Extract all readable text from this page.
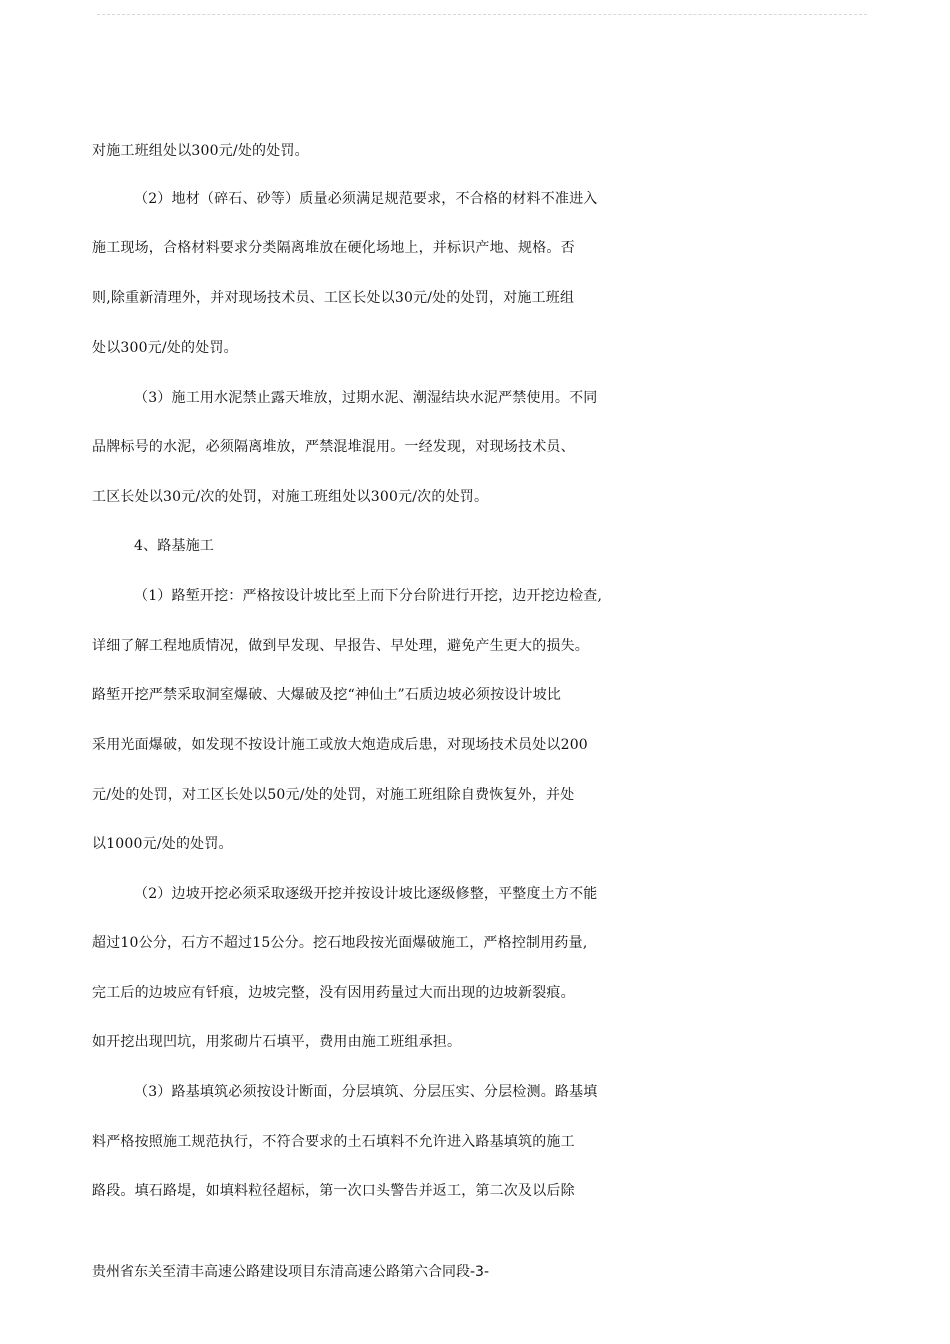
对施工班组处以300元/处的处罚。
（2）地材（碎石、砂等）质量必须满足规范要求，不合格的材料不准进入
施工现场，合格材料要求分类隔离堆放在硬化场地上，并标识产地、规格。否
则,除重新清理外，并对现场技术员、工区长处以30元/处的处罚，对施工班组
处以300元/处的处罚。
（3）施工用水泥禁止露天堆放，过期水泥、潮湿结块水泥严禁使用。不同
品牌标号的水泥，必须隔离堆放，严禁混堆混用。一经发现，对现场技术员、
工区长处以30元/次的处罚，对施工班组处以300元/次的处罚。
4、路基施工
（1）路堑开挖：严格按设计坡比至上而下分台阶进行开挖，边开挖边检查,
详细了解工程地质情况，做到早发现、早报告、早处理，避免产生更大的损失。
路堑开挖严禁采取洞室爆破、大爆破及挖“神仙土”石质边坡必须按设计坡比
采用光面爆破，如发现不按设计施工或放大炮造成后患，对现场技术员处以200
元/处的处罚，对工区长处以50元/处的处罚，对施工班组除自费恢复外，并处
以1000元/处的处罚。
（2）边坡开挖必须采取逐级开挖并按设计坡比逐级修整，平整度土方不能
超过10公分，石方不超过15公分。挖石地段按光面爆破施工，严格控制用药量,
完工后的边坡应有钎痕，边坡完整，没有因用药量过大而出现的边坡新裂痕。
如开挖出现凹坑，用浆砌片石填平，费用由施工班组承担。
（3）路基填筑必须按设计断面，分层填筑、分层压实、分层检测。路基填
料严格按照施工规范执行，不符合要求的土石填料不允许进入路基填筑的施工
路段。填石路堤，如填料粒径超标，第一次口头警告并返工，第二次及以后除
贵州省东关至清丰高速公路建设项目东清高速公路第六合同段-3-
